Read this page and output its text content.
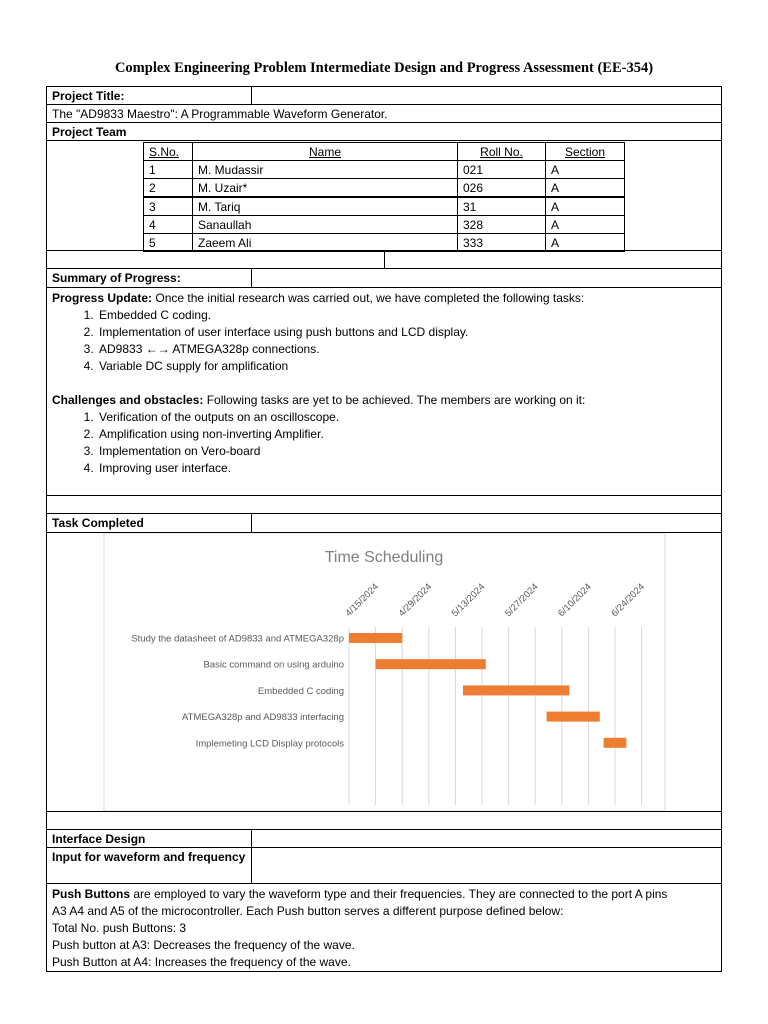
Complex Engineering Problem Intermediate Design and Progress Assessment (EE-354)
Project Title:
The "AD9833 Maestro": A Programmable Waveform Generator.
Project Team
S.No.	Name	Roll No.	Section
1	M. Mudassir	021	A
2	M. Uzair*	026	A
3	M. Tariq	31	A
4	Sanaullah	328	A
5	Zaeem Ali	333	A
Summary of Progress:
Progress Update: Once the initial research was carried out, we have completed the following tasks:
1. Embedded C coding.
2. Implementation of user interface using push buttons and LCD display.
3. AD9833 ←→ ATMEGA328p connections.
4. Variable DC supply for amplification
Challenges and obstacles: Following tasks are yet to be achieved. The members are working on it:
1. Verification of the outputs on an oscilloscope.
2. Amplification using non-inverting Amplifier.
3. Implementation on Vero-board
4. Improving user interface.
Task Completed
Time Scheduling
4/15/2024 4/29/2024 5/13/2024 5/27/2024 6/10/2024 6/24/2024
Study the datasheet of AD9833 and ATMEGA328p
Basic command on using arduino
Embedded C coding
ATMEGA328p and AD9833 interfacing
Implemeting LCD Display protocols
Interface Design
Input for waveform and frequency
Push Buttons are employed to vary the waveform type and their frequencies. They are connected to the port A pins
A3 A4 and A5 of the microcontroller. Each Push button serves a different purpose defined below:
Total No. push Buttons: 3
Push button at A3: Decreases the frequency of the wave.
Push Button at A4: Increases the frequency of the wave.
